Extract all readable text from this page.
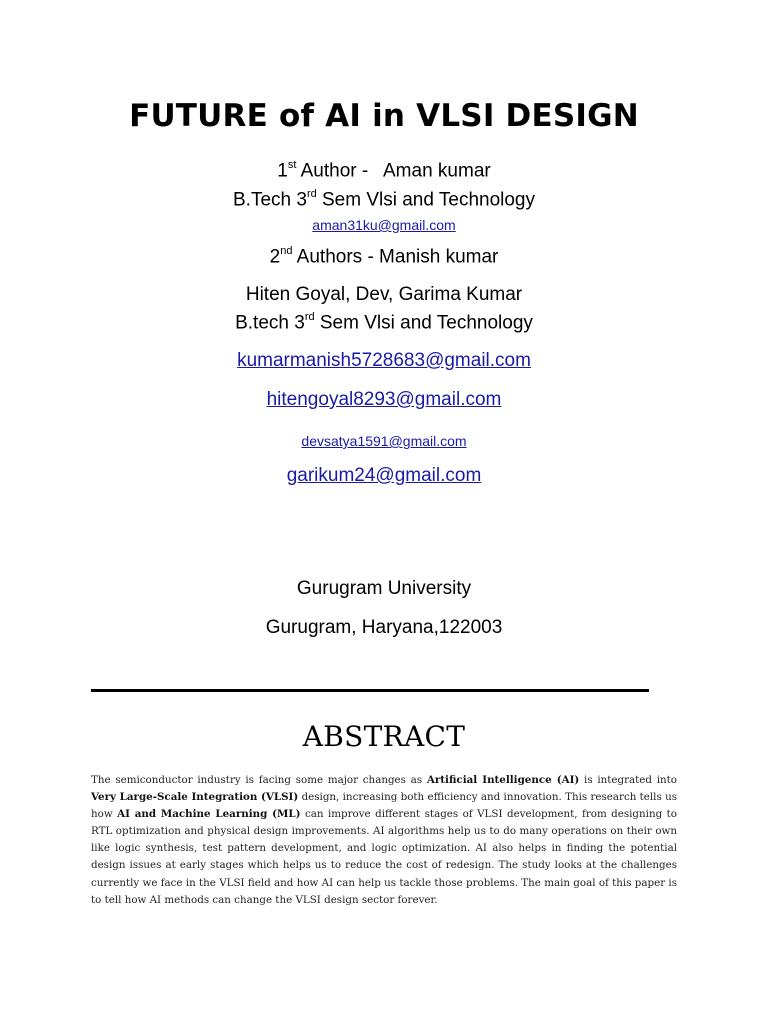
FUTURE of AI in VLSI DESIGN
1st Author -   Aman kumar
B.Tech 3rd Sem Vlsi and Technology
aman31ku@gmail.com
2nd Authors - Manish kumar
Hiten Goyal, Dev, Garima Kumar
B.tech 3rd Sem Vlsi and Technology
kumarmanish5728683@gmail.com
hitengoyal8293@gmail.com
devsatya1591@gmail.com
garikum24@gmail.com
Gurugram University
Gurugram, Haryana,122003
ABSTRACT
The semiconductor industry is facing some major changes as Artificial Intelligence (AI) is integrated into Very Large-Scale Integration (VLSI) design, increasing both efficiency and innovation. This research tells us how AI and Machine Learning (ML) can improve different stages of VLSI development, from designing to RTL optimization and physical design improvements. AI algorithms help us to do many operations on their own like logic synthesis, test pattern development, and logic optimization. AI also helps in finding the potential design issues at early stages which helps us to reduce the cost of redesign. The study looks at the challenges currently we face in the VLSI field and how AI can help us tackle those problems. The main goal of this paper is to tell how AI methods can change the VLSI design sector forever.
